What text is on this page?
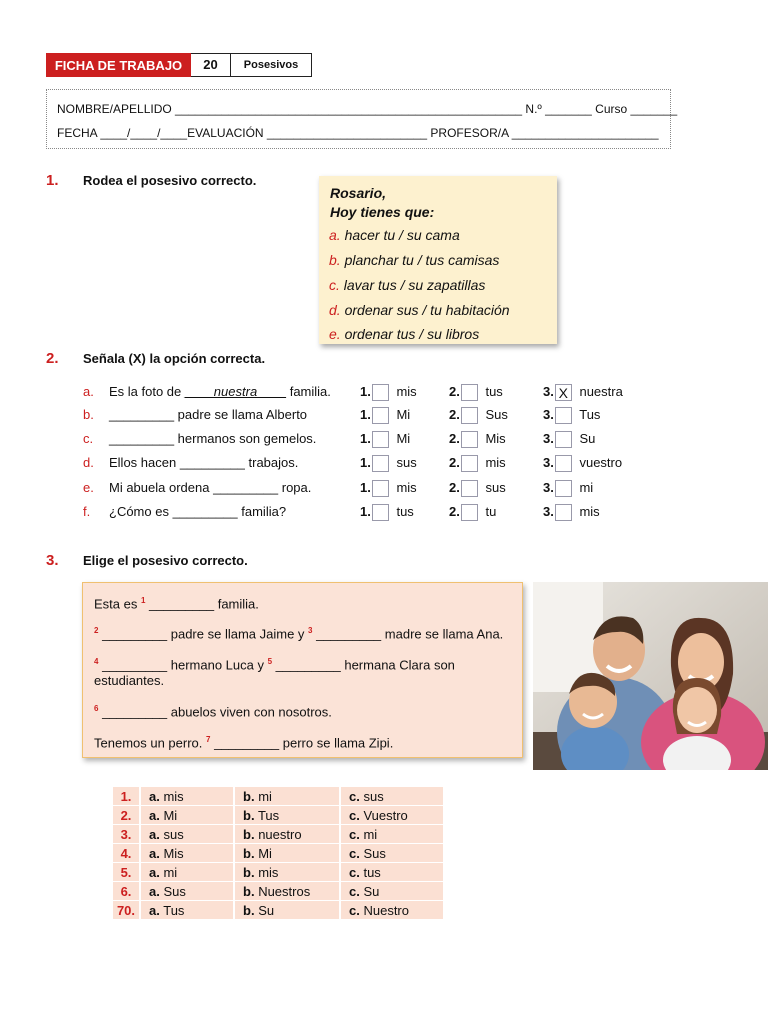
FICHA DE TRABAJO	20	Posesivos
NOMBRE/APELLIDO ____________________________________________________ N.º _______ Curso _______
FECHA ____/____/____EVALUACIÓN ________________________ PROFESOR/A ______________________
1. Rodea el posesivo correcto.
Rosario,
Hoy tienes que:
a. hacer tu / su cama
b. planchar tu / tus camisas
c. lavar tus / su zapatillas
d. ordenar sus / tu habitación
e. ordenar tus / su libros
2. Señala (X) la opción correcta.
a. Es la foto de ____nuestra____ familia. 1. mis 2. tus	3. X nuestra
b. _________ padre se llama Alberto	1. Mi	2. Sus	3. Tus
c. _________ hermanos son gemelos.	1. Mi	2. Mis	3. Su
d. Ellos hacen _________ trabajos.	1. sus 2. mis	3. vuestro
e. Mi abuela ordena _________ ropa.	1. mis 2. sus	3. mi
f. ¿Cómo es _________ familia?	1. tus	2. tu	3. mis
3. Elige el posesivo correcto.
Esta es $^1$ _________ familia.
$^2$ _________ padre se llama Jaime y $^3$ _________ madre se llama Ana.
$^4$ _________ hermano Luca y $^5$ _________ hermana Clara son
estudiantes.
$^6$ _________ abuelos viven con nosotros.
Tenemos un perro. $^7$ _________ perro se llama Zipi.
1.	a. mis	b. mi	c. sus
2.	a. Mi	b. Tus	c. Vuestro
3.	a. sus	b. nuestro	c. mi
4.	a. Mis	b. Mi	c. Sus
5.	a. mi	b. mis	c. tus
6.	a. Sus	b. Nuestros	c. Su
70.	a. Tus	b. Su	c. Nuestro
